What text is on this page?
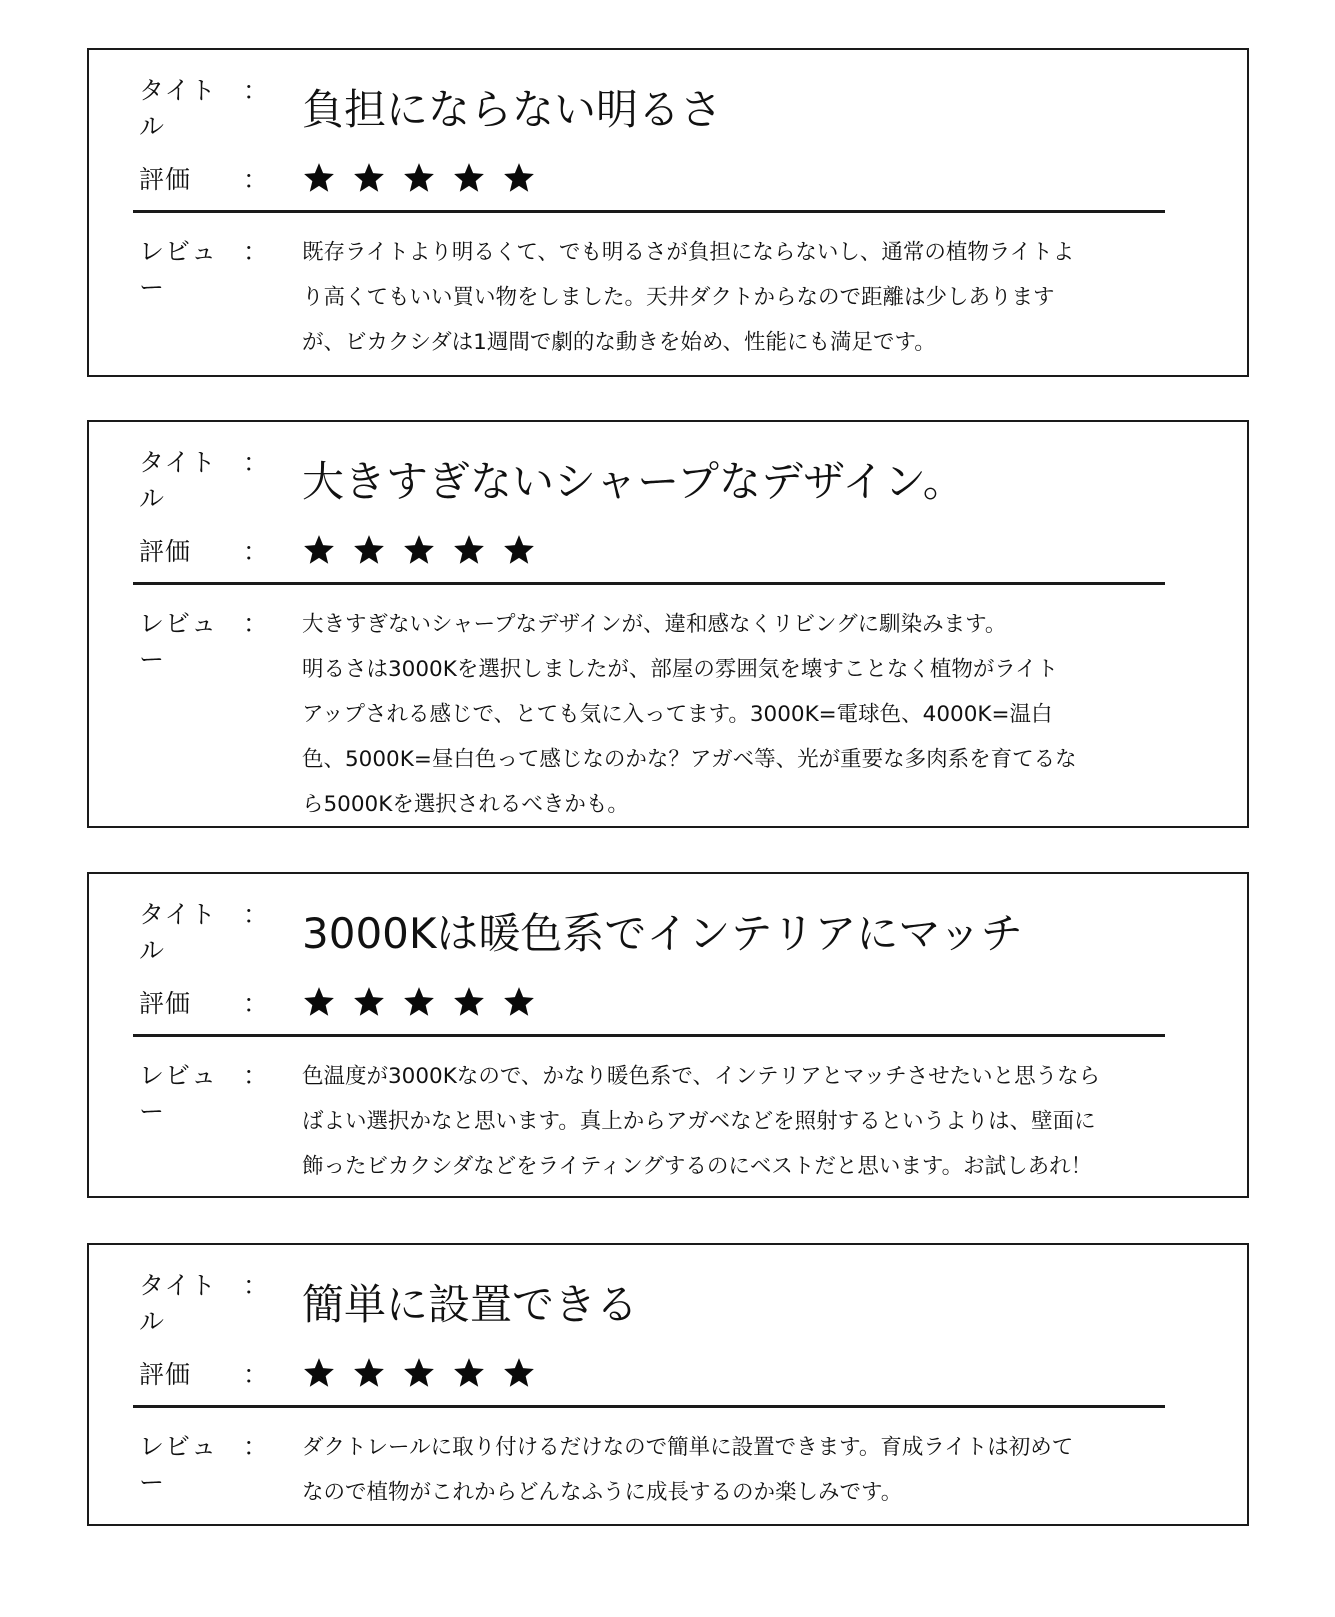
タイトル
： 負担にならない明るさ
評価 ：
レビュー
： 既存ライトより明るくて、でも明るさが負担にならないし、通常の植物ライトよ
り高くてもいい買い物をしました。天井ダクトからなので距離は少しあります
が、ビカクシダは1週間で劇的な動きを始め、性能にも満足です。
タイトル
： 大きすぎないシャープなデザイン。
評価 ：
レビュー
： 大きすぎないシャープなデザインが、違和感なくリビングに馴染みます。
明るさは3000Kを選択しましたが、部屋の雰囲気を壊すことなく植物がライト
アップされる感じで、とても気に入ってます。3000K=電球色、4000K=温白
色、5000K=昼白色って感じなのかな？アガベ等、光が重要な多肉系を育てるな
ら5000Kを選択されるべきかも。
タイトル
： 3000Kは暖色系でインテリアにマッチ
評価 ：
レビュー
： 色温度が3000Kなので、かなり暖色系で、インテリアとマッチさせたいと思うなら
ばよい選択かなと思います。真上からアガベなどを照射するというよりは、壁面に
飾ったビカクシダなどをライティングするのにベストだと思います。お試しあれ！
タイトル
： 簡単に設置できる
評価 ：
レビュー
： ダクトレールに取り付けるだけなので簡単に設置できます。育成ライトは初めて
なので植物がこれからどんなふうに成長するのか楽しみです。
